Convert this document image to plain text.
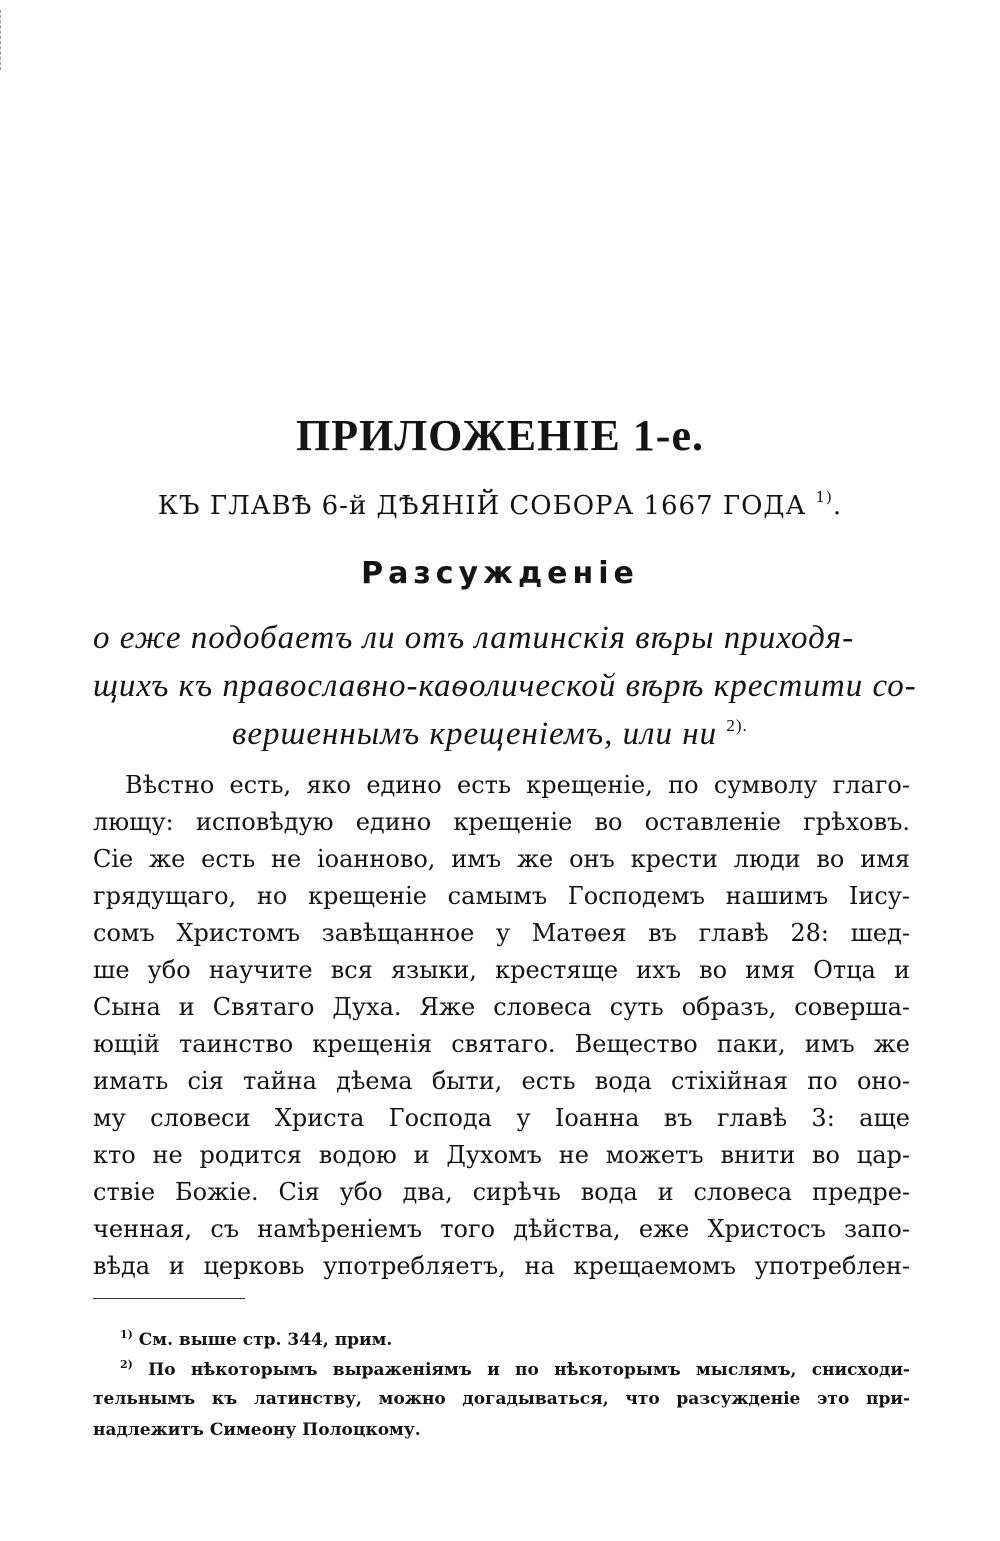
ПРИЛОЖЕНІЕ 1-е.
КЪ ГЛАВѢ 6-й ДѢЯНІЙ СОБОРА 1667 ГОДА $^{1)}$.
Разсужденіе
о еже подобаетъ ли отъ латинскія вѣры приходя-
щихъ къ православно-каѳолической вѣрѣ крестити со-
вершеннымъ крещеніемъ, или ни $^{2).}$
Вѣстно есть, яко едино есть крещеніе, по сумволу глаго-
лющу: исповѣдую едино крещеніе во оставленіе грѣховъ.
Сіе же есть не іоанново, имъ же онъ крести люди во имя
грядущаго, но крещеніе самымъ Господемъ нашимъ Іису-
сомъ Христомъ завѣщанное у Матѳея въ главѣ 28: шед-
ше убо научите вся языки, крестяще ихъ во имя Отца и
Сына и Святаго Духа. Яже словеса суть образъ, соверша-
ющій таинство крещенія святаго. Вещество паки, имъ же
имать сія тайна дѣема быти, есть вода стіхійная по оно-
му словеси Христа Господа у Іоанна въ главѣ 3: аще
кто не родится водою и Духомъ не можетъ внити во цар-
ствіе Божіе. Сія убо два, сирѣчь вода и словеса предре-
ченная, съ намѣреніемъ того дѣйства, еже Христосъ запо-
вѣда и церковь употребляетъ, на крещаемомъ употреблен-
$^{1)}$ См. выше стр. 344, прим.
$^{2)}$ По нѣкоторымъ выраженіямъ и по нѣкоторымъ мыслямъ, снисходи-
тельнымъ къ латинству, можно догадываться, что разсужденіе это при-
надлежитъ Симеону Полоцкому.
